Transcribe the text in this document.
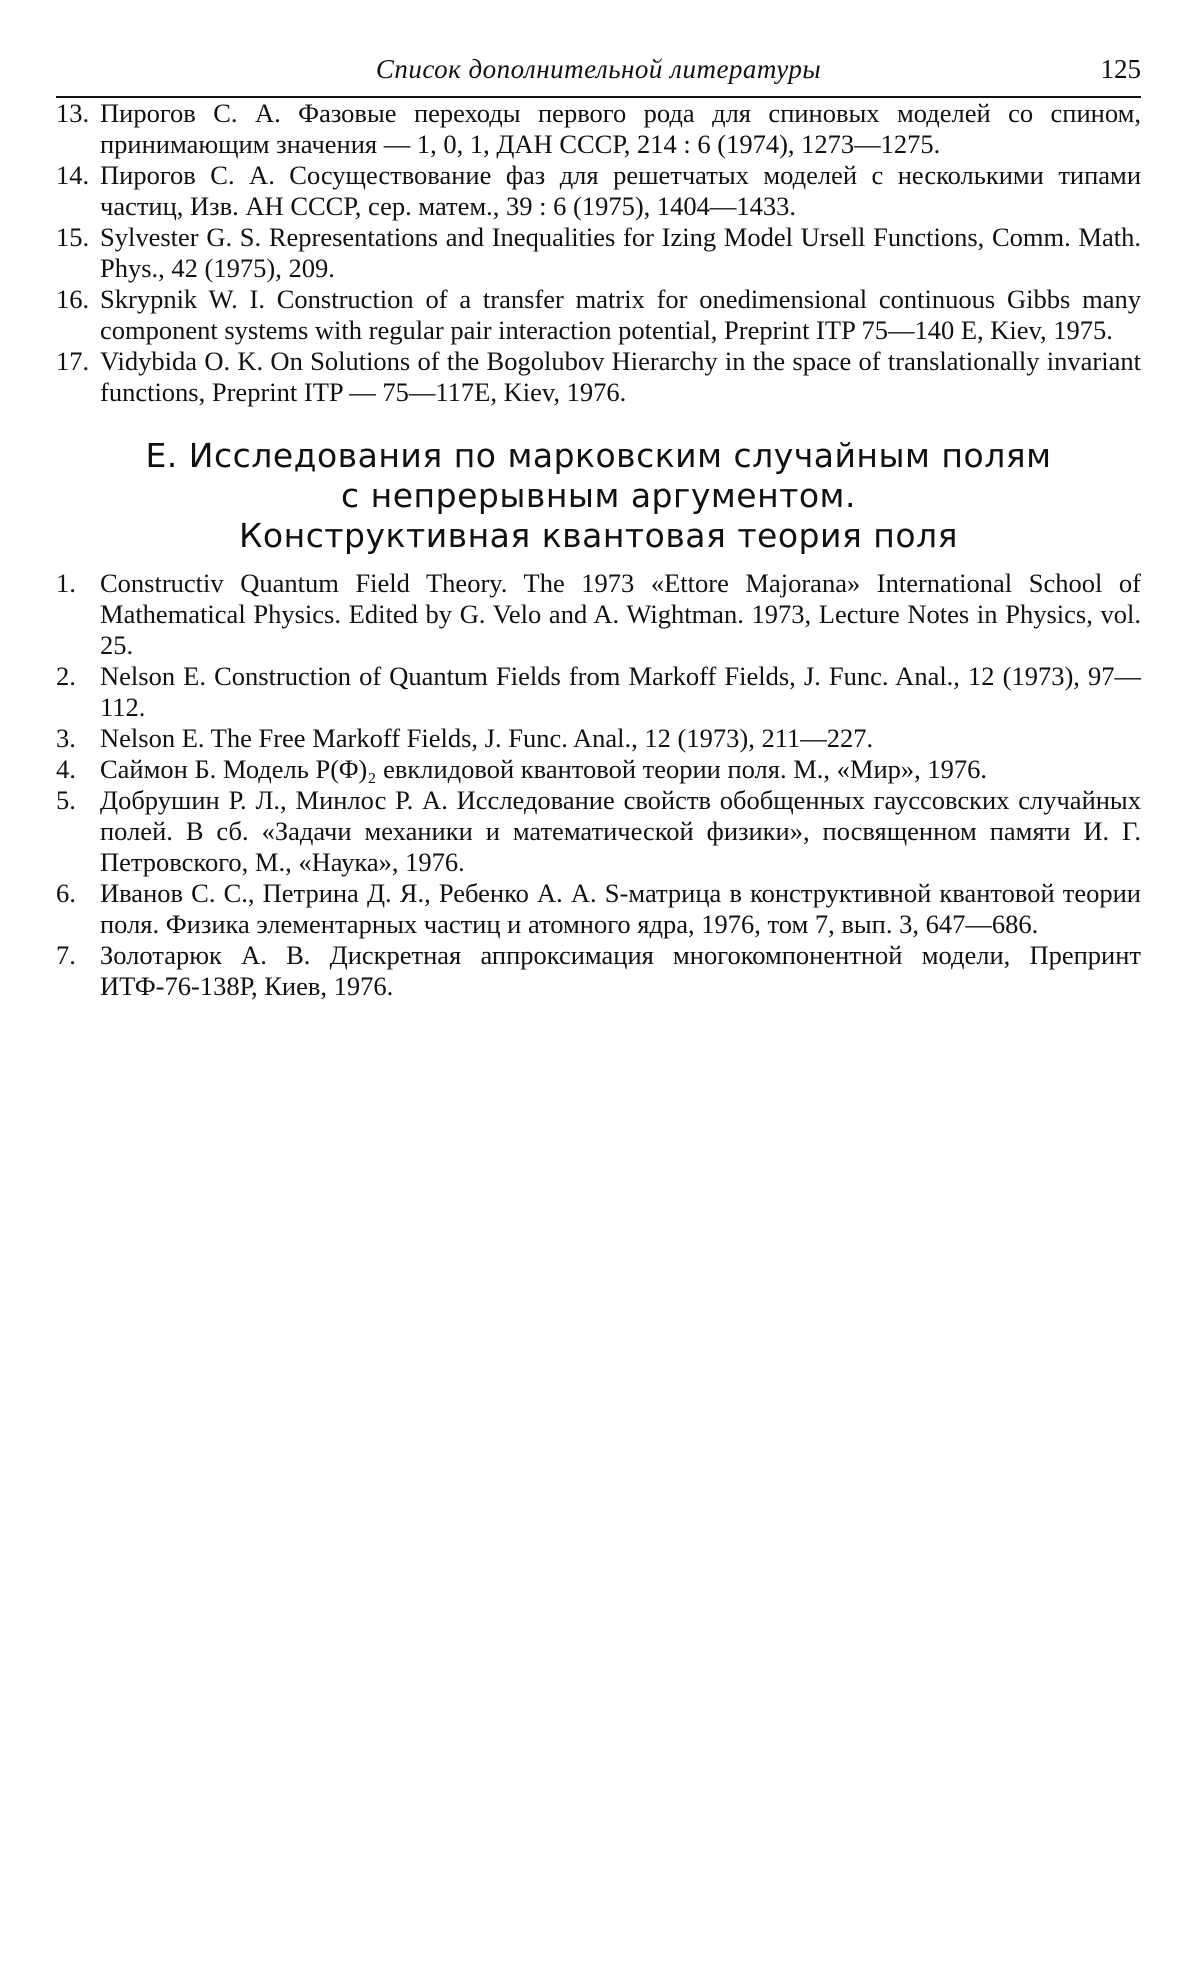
Список дополнительной литературы	125
13. Пирогов С. А. Фазовые переходы первого рода для спиновых моделей со спином, принимающим значения — 1, 0, 1, ДАН СССР, 214 : 6 (1974), 1273—1275.
14. Пирогов С. А. Сосуществование фаз для решетчатых моделей с несколькими типами частиц, Изв. АН СССР, сер. матем., 39 : 6 (1975), 1404—1433.
15. Sylvester G. S. Representations and Inequalities for Izing Model Ursell Functions, Comm. Math. Phys., 42 (1975), 209.
16. Skrypnik W. I. Construction of a transfer matrix for onedimensional continuous Gibbs many component systems with regular pair interaction potential, Preprint ITP 75—140 E, Kiev, 1975.
17. Vidybida O. K. On Solutions of the Bogolubov Hierarchy in the space of translationally invariant functions, Preprint ITP — 75—117E, Kiev, 1976.
Е. Исследования по марковским случайным полям
с непрерывным аргументом.
Конструктивная квантовая теория поля
1. Constructiv Quantum Field Theory. The 1973 «Ettore Majorana» International School of Mathematical Physics. Edited by G. Velo and A. Wightman. 1973, Lecture Notes in Physics, vol. 25.
2. Nelson E. Construction of Quantum Fields from Markoff Fields, J. Func. Anal., 12 (1973), 97—112.
3. Nelson E. The Free Markoff Fields, J. Func. Anal., 12 (1973), 211—227.
4. Саймон Б. Модель P(Φ)₂ евклидовой квантовой теории поля. М., «Мир», 1976.
5. Добрушин Р. Л., Минлос Р. А. Исследование свойств обобщенных гауссовских случайных полей. В сб. «Задачи механики и математической физики», посвященном памяти И. Г. Петровского, М., «Наука», 1976.
6. Иванов С. С., Петрина Д. Я., Ребенко А. А. S-матрица в конструктивной квантовой теории поля. Физика элементарных частиц и атомного ядра, 1976, том 7, вып. 3, 647—686.
7. Золотарюк А. В. Дискретная аппроксимация многокомпонентной модели, Препринт ИТФ-76-138Р, Киев, 1976.
